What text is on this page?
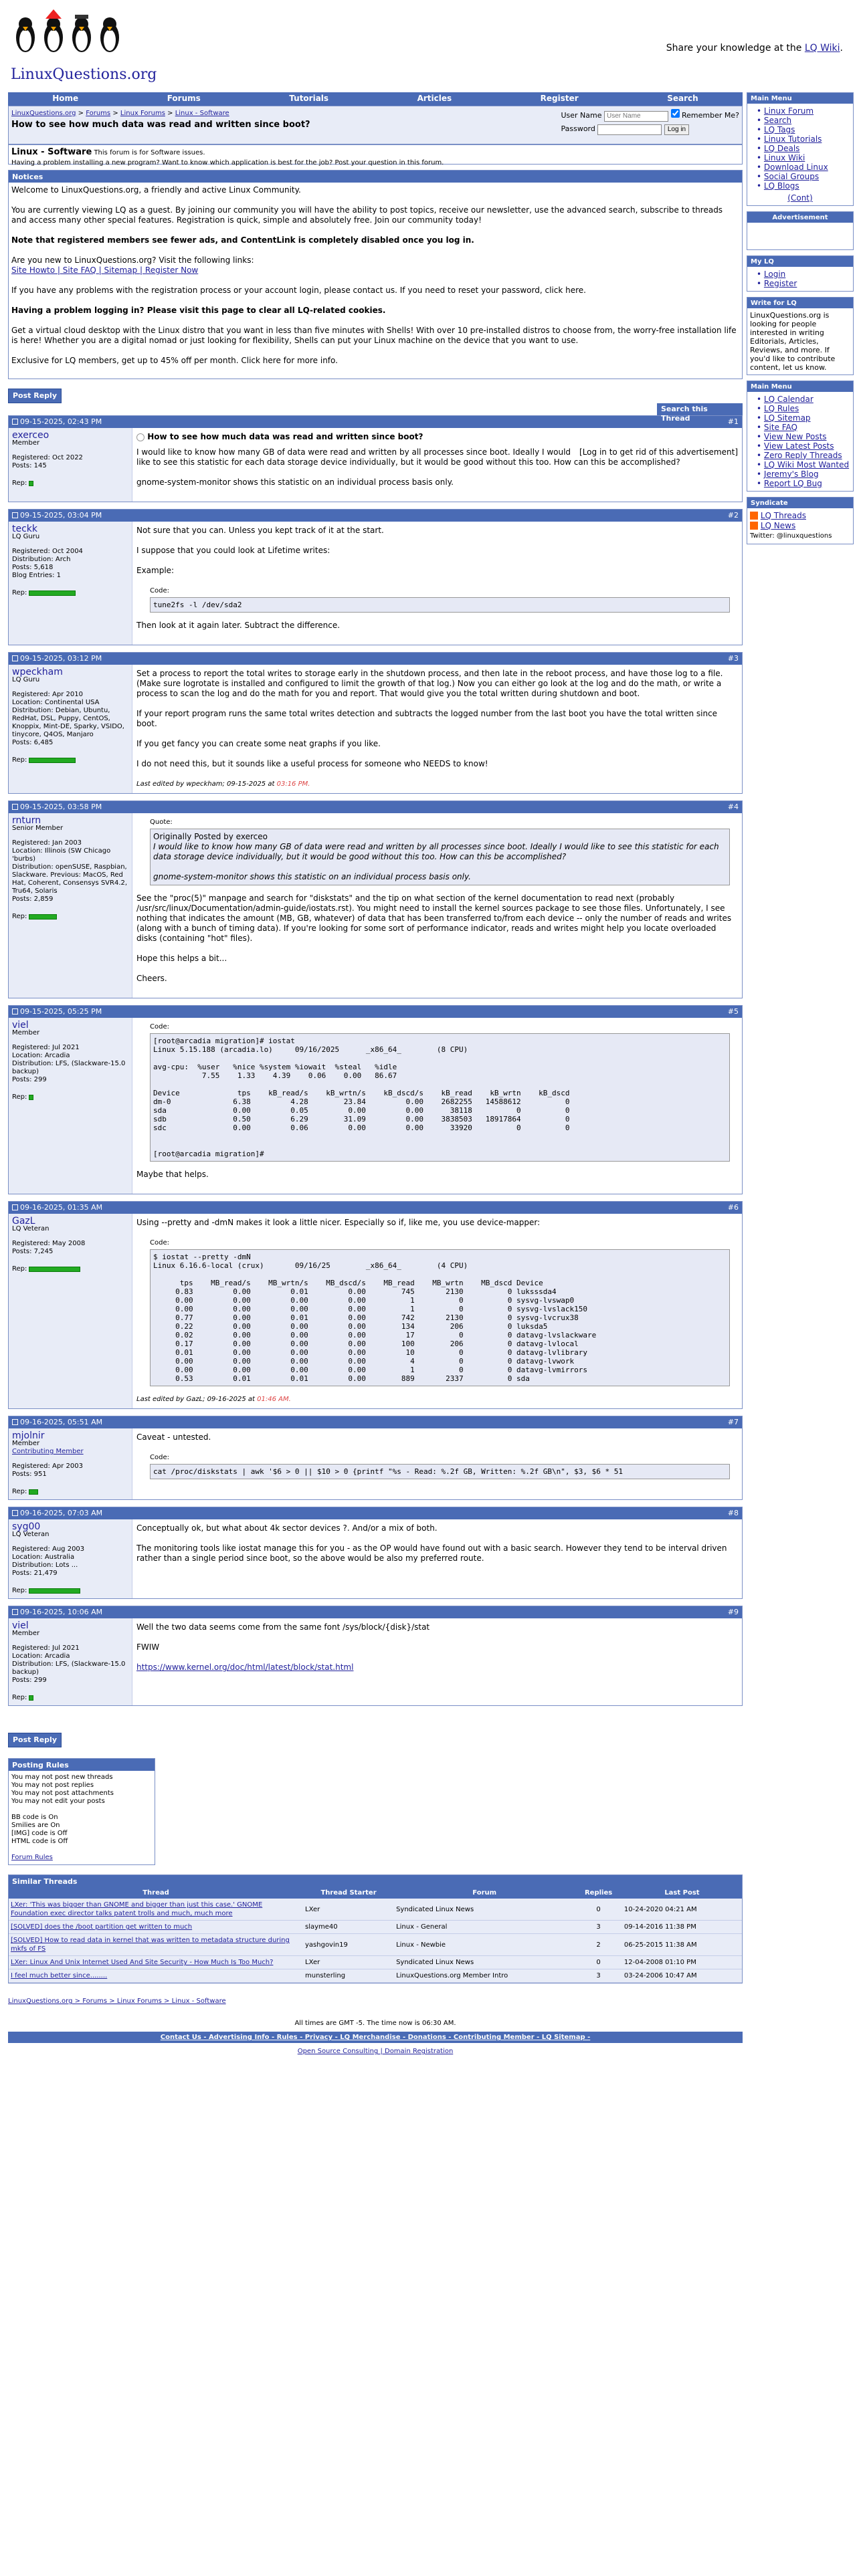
LinuxQuestions.org
Share your knowledge at the LQ Wiki.
Home	Forums	Tutorials	Articles	Register	Search
LinuxQuestions.org > Forums > Linux Forums > Linux - Software
How to see how much data was read and written since boot?
User Name User Name	Remember Me?
Password	Log in
Linux - Software This forum is for Software issues.
Having a problem installing a new program? Want to know which application is best for the job? Post your question in this forum.
Notices

Welcome to LinuxQuestions.org, a friendly and active Linux Community.

You are currently viewing LQ as a guest. By joining our community you will have the ability to post topics, receive our newsletter, use the advanced search, subscribe to threads and access many other special features. Registration is quick, simple and absolutely free. Join our community today!

Note that registered members see fewer ads, and ContentLink is completely disabled once you log in.

Are you new to LinuxQuestions.org? Visit the following links:
Site Howto | Site FAQ | Sitemap | Register Now

If you have any problems with the registration process or your account login, please contact us. If you need to reset your password, click here.

Having a problem logging in? Please visit this page to clear all LQ-related cookies.

Get a virtual cloud desktop with the Linux distro that you want in less than five minutes with Shells! With over 10 pre-installed distros to choose from, the worry-free installation life is here! Whether you are a digital nomad or just looking for flexibility, Shells can put your Linux machine on the device that you want to use.

Exclusive for LQ members, get up to 45% off per month. Click here for more info.

Post Reply
Search this Thread
09-15-2025, 02:43 PM	#1
exerceo
Member
Registered: Oct 2022
Posts: 145
Rep:
How to see how much data was read and written since boot?
[Log in to get rid of this advertisement]

I would like to know how many GB of data were read and written by all processes since boot. Ideally I would like to see this statistic for each data storage device individually, but it would be good without this too. How can this be accomplished?

gnome-system-monitor shows this statistic on an individual process basis only.

09-15-2025, 03:04 PM	#2
teckk
LQ Guru
Registered: Oct 2004
Distribution: Arch
Posts: 5,618
Blog Entries: 1
Rep:

Not sure that you can. Unless you kept track of it at the start.

I suppose that you could look at Lifetime writes:

Example:

Code:
tune2fs -l /dev/sda2

Then look at it again later. Subtract the difference.

09-15-2025, 03:12 PM	#3
wpeckham
LQ Guru
Registered: Apr 2010
Location: Continental USA
Distribution: Debian, Ubuntu, RedHat, DSL, Puppy, CentOS, Knoppix, Mint-DE, Sparky, VSIDO, tinycore, Q4OS, Manjaro
Posts: 6,485
Rep:

Set a process to report the total writes to storage early in the shutdown process, and then late in the reboot process, and have those log to a file. (Make sure logrotate is installed and configured to limit the growth of that log.) Now you can either go look at the log and do the math, or write a process to scan the log and do the math for you and report. That would give you the total written during shutdown and boot.

If your report program runs the same total writes detection and subtracts the logged number from the last boot you have the total written since boot.

If you get fancy you can create some neat graphs if you like.

I do not need this, but it sounds like a useful process for someone who NEEDS to know!

Last edited by wpeckham; 09-15-2025 at 03:16 PM.
09-15-2025, 03:58 PM	#4
rnturn
Senior Member
Registered: Jan 2003
Location: Illinois (SW Chicago 'burbs)
Distribution: openSUSE, Raspbian, Slackware. Previous: MacOS, Red Hat, Coherent, Consensys SVR4.2, Tru64, Solaris
Posts: 2,859
Rep:
Quote:
Originally Posted by exerceo
I would like to know how many GB of data were read and written by all processes since boot. Ideally I would like to see this statistic for each data storage device individually, but it would be good without this too. How can this be accomplished?

gnome-system-monitor shows this statistic on an individual process basis only.

See the "proc(5)" manpage and search for "diskstats" and the tip on what section of the kernel documentation to read next (probably /usr/src/linux/Documentation/admin-guide/iostats.rst). You might need to install the kernel sources package to see those files. Unfortunately, I see nothing that indicates the amount (MB, GB, whatever) of data that has been transferred to/from each device -- only the number of reads and writes (along with a bunch of timing data). If you're looking for some sort of performance indicator, reads and writes might help you locate overloaded disks (containing "hot" files).

Hope this helps a bit...

Cheers.

09-15-2025, 05:25 PM	#5
viel
Member
Registered: Jul 2021
Location: Arcadia
Distribution: LFS, (Slackware-15.0 backup)
Posts: 299
Rep:
Code:
[root@arcadia migration]# iostat
Linux 5.15.188 (arcadia.lo)     09/16/2025      _x86_64_        (8 CPU)

avg-cpu:  %user   %nice %system %iowait  %steal   %idle
7.55    1.33    4.39    0.06    0.00   86.67

Device             tps    kB_read/s    kB_wrtn/s    kB_dscd/s    kB_read    kB_wrtn    kB_dscd
dm-0              6.38         4.28        23.84         0.00    2682255   14588612          0
sda               0.00         0.05         0.00         0.00      38118          0          0
sdb               0.50         6.29        31.09         0.00    3838503   18917864          0
sdc               0.00         0.06         0.00         0.00      33920          0          0

[root@arcadia migration]#

Maybe that helps.

09-16-2025, 01:35 AM	#6
GazL
LQ Veteran
Registered: May 2008
Posts: 7,245
Rep:

Using --pretty and -dmN makes it look a little nicer. Especially so if, like me, you use device-mapper:

Code:
$ iostat --pretty -dmN
Linux 6.16.6-local (crux)       09/16/25        _x86_64_        (4 CPU)

tps    MB_read/s    MB_wrtn/s    MB_dscd/s    MB_read    MB_wrtn    MB_dscd Device
0.83         0.00         0.01         0.00        745       2130          0 luksssda4
0.00         0.00         0.00         0.00          1          0          0 sysvg-lvswap0
0.00         0.00         0.00         0.00          1          0          0 sysvg-lvslack150
0.77         0.00         0.01         0.00        742       2130          0 sysvg-lvcrux38
0.22         0.00         0.00         0.00        134        206          0 luksda5
0.02         0.00         0.00         0.00         17          0          0 datavg-lvslackware
0.17         0.00         0.00         0.00        100        206          0 datavg-lvlocal
0.01         0.00         0.00         0.00         10          0          0 datavg-lvlibrary
0.00         0.00         0.00         0.00          4          0          0 datavg-lvwork
0.00         0.00         0.00         0.00          1          0          0 datavg-lvmirrors
0.53         0.01         0.01         0.00        889       2337          0 sda
Last edited by GazL; 09-16-2025 at 01:46 AM.
09-16-2025, 05:51 AM	#7
mjolnir
Member
Contributing Member
Registered: Apr 2003
Posts: 951
Rep:

Caveat - untested.

Code:
cat /proc/diskstats | awk '$6 > 0 || $10 > 0 {printf "%s - Read: %.2f GB, Written: %.2f GB\n", $3, $6 * 51
09-16-2025, 07:03 AM	#8
syg00
LQ Veteran
Registered: Aug 2003
Location: Australia
Distribution: Lots ...
Posts: 21,479
Rep:

Conceptually ok, but what about 4k sector devices ?. And/or a mix of both.

The monitoring tools like iostat manage this for you - as the OP would have found out with a basic search. However they tend to be interval driven rather than a single period since boot, so the above would be also my preferred route.

09-16-2025, 10:06 AM	#9
viel
Member
Registered: Jul 2021
Location: Arcadia
Distribution: LFS, (Slackware-15.0 backup)
Posts: 299
Rep:

Well the two data seems come from the same font /sys/block/{disk}/stat

FWIW

https://www.kernel.org/doc/html/latest/block/stat.html
Post Reply
Posting Rules
You may not post new threads
You may not post replies
You may not post attachments
You may not edit your posts
BB code is On
Smilies are On
[IMG] code is Off
HTML code is Off
Forum Rules
Similar Threads
Thread	Thread Starter	Forum	Replies	Last Post
LXer: 'This was bigger than GNOME and bigger than just this case.' GNOME Foundation exec director talks patent trolls and much, much more	LXer	Syndicated Linux News	0	10-24-2020 04:21 AM
[SOLVED] does the /boot partition get written to much	slayme40	Linux - General	3	09-14-2016 11:38 PM
[SOLVED] How to read data in kernel that was written to metadata structure during mkfs of FS	yashgovin19	Linux - Newbie	2	06-25-2015 11:38 AM
LXer: Linux And Unix Internet Used And Site Security - How Much Is Too Much?	LXer	Syndicated Linux News	0	12-04-2008 01:10 PM
I feel much better since........	munsterling	LinuxQuestions.org Member Intro	3	03-24-2006 10:47 AM
LinuxQuestions.org > Forums > Linux Forums > Linux - Software
All times are GMT -5. The time now is 06:30 AM.
Contact Us - Advertising Info - Rules - Privacy - LQ Merchandise - Donations - Contributing Member - LQ Sitemap -
Open Source Consulting | Domain Registration
Main Menu
• Linux Forum
• Search
• LQ Tags
• Linux Tutorials
• LQ Deals
• Linux Wiki
• Download Linux
• Social Groups
• LQ Blogs
(Cont)
Advertisement
My LQ
• Login
• Register
Write for LQ
LinuxQuestions.org is looking for people interested in writing Editorials, Articles, Reviews, and more. If you'd like to contribute content, let us know.
Main Menu
• LQ Calendar
• LQ Rules
• LQ Sitemap
• Site FAQ
• View New Posts
• View Latest Posts
• Zero Reply Threads
• LQ Wiki Most Wanted
• Jeremy's Blog
• Report LQ Bug
Syndicate
LQ Threads
LQ News
Twitter: @linuxquestions
